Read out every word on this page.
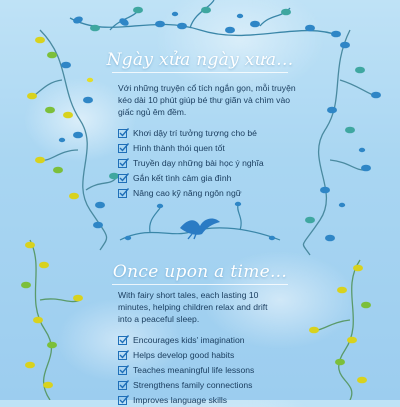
Ngày xửa ngày xưa...
Với những truyện cổ tích ngắn gọn, mỗi truyện kéo dài 10 phút giúp bé thư giãn và chìm vào giấc ngủ êm đềm.
Khơi dậy trí tưởng tượng cho bé
Hình thành thói quen tốt
Truyền dạy những bài học ý nghĩa
Gắn kết tình cảm gia đình
Nâng cao kỹ năng ngôn ngữ
Once upon a time...
With fairy short tales, each lasting 10 minutes, helping children relax and drift into a peaceful sleep.
Encourages kids' imagination
Helps develop good habits
Teaches meaningful life lessons
Strengthens family connections
Improves language skills
